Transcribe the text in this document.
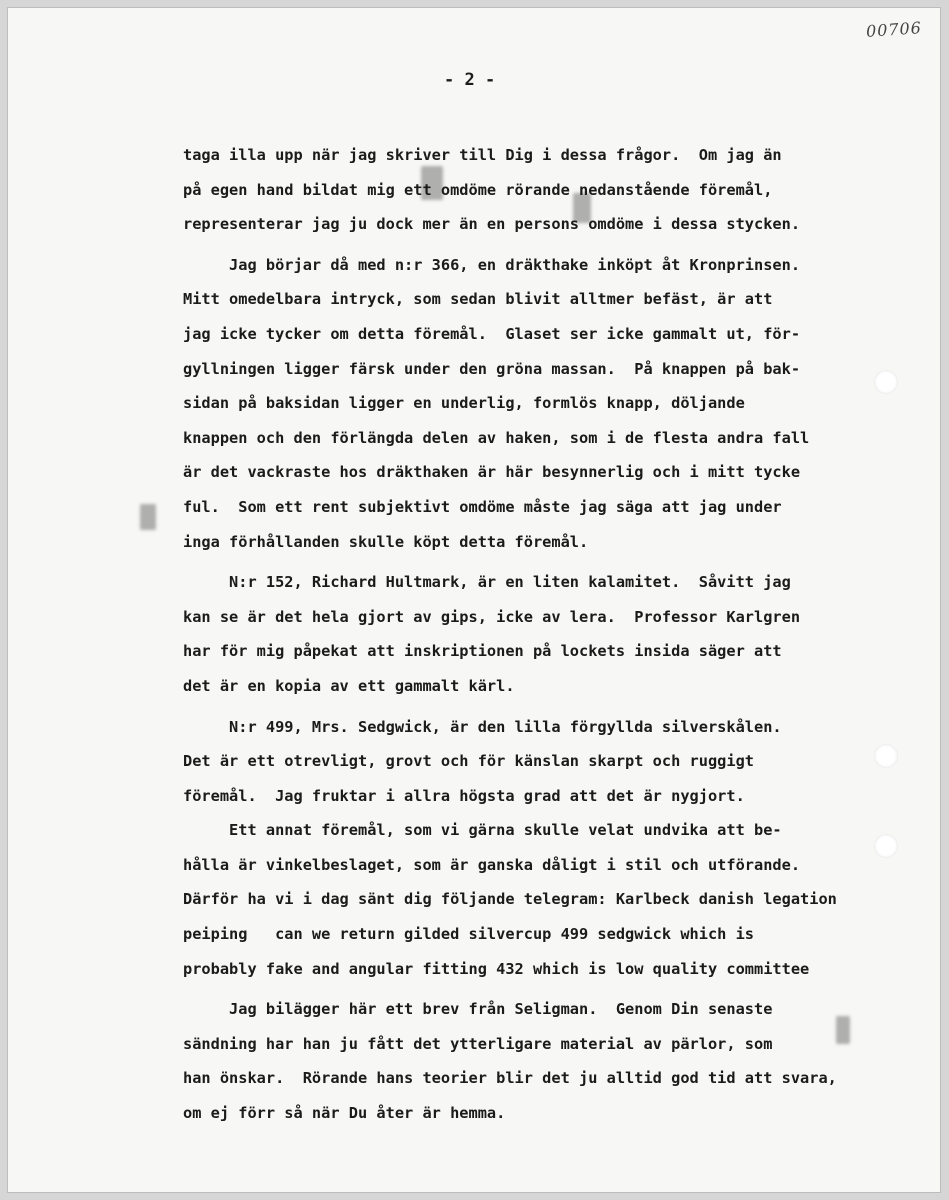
00706
- 2 -
taga illa upp när jag skriver till Dig i dessa frågor.  Om jag än
på egen hand bildat mig ett omdöme rörande nedanstående föremål,
representerar jag ju dock mer än en persons omdöme i dessa stycken.
Jag börjar då med n:r 366, en dräkthake inköpt åt Kronprinsen.
Mitt omedelbara intryck, som sedan blivit alltmer befäst, är att
jag icke tycker om detta föremål.  Glaset ser icke gammalt ut, för-
gyllningen ligger färsk under den gröna massan.  På knappen på bak-
sidan på baksidan ligger en underlig, formlös knapp, döljande
knappen och den förlängda delen av haken, som i de flesta andra fall
är det vackraste hos dräkthaken är här besynnerlig och i mitt tycke
ful.  Som ett rent subjektivt omdöme måste jag säga att jag under
inga förhållanden skulle köpt detta föremål.
N:r 152, Richard Hultmark, är en liten kalamitet.  Såvitt jag
kan se är det hela gjort av gips, icke av lera.  Professor Karlgren
har för mig påpekat att inskriptionen på lockets insida säger att
det är en kopia av ett gammalt kärl.
N:r 499, Mrs. Sedgwick, är den lilla förgyllda silverskålen.
Det är ett otrevligt, grovt och för känslan skarpt och ruggigt
föremål.  Jag fruktar i allra högsta grad att det är nygjort.
Ett annat föremål, som vi gärna skulle velat undvika att be-
hålla är vinkelbeslaget, som är ganska dåligt i stil och utförande.
Därför ha vi i dag sänt dig följande telegram: Karlbeck danish legation
peiping   can we return gilded silvercup 499 sedgwick which is
probably fake and angular fitting 432 which is low quality committee
Jag bilägger här ett brev från Seligman.  Genom Din senaste
sändning har han ju fått det ytterligare material av pärlor, som
han önskar.  Rörande hans teorier blir det ju alltid god tid att svara,
om ej förr så när Du åter är hemma.
